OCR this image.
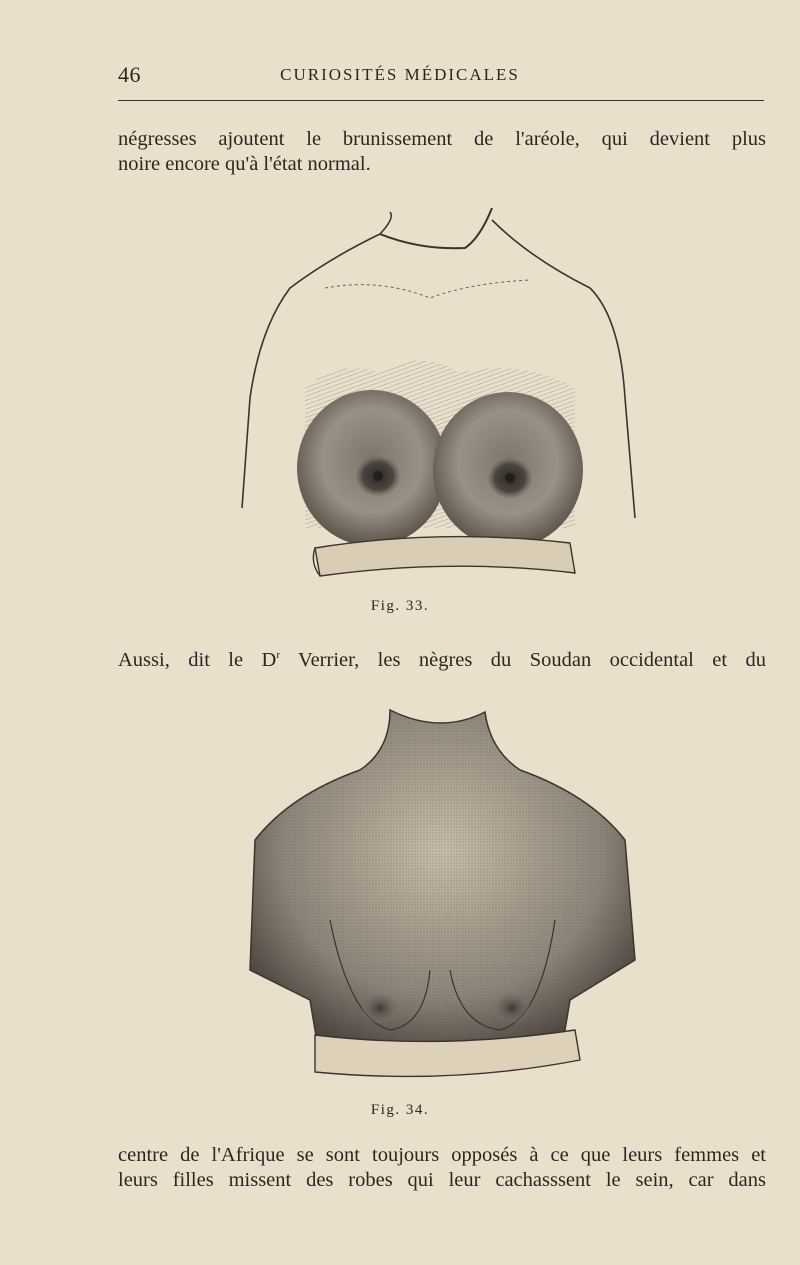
46	CURIOSITÉS MÉDICALES
négresses ajoutent le brunissement de l'aréole, qui devient plus
noire encore qu'à l'état normal.
Fig. 33.
Aussi, dit le $D^r$ Verrier, les nègres du Soudan occidental et du
Fig. 34.
centre de l'Afrique se sont toujours opposés à ce que leurs femmes et
leurs filles missent des robes qui leur cachasssent le sein, car dans
